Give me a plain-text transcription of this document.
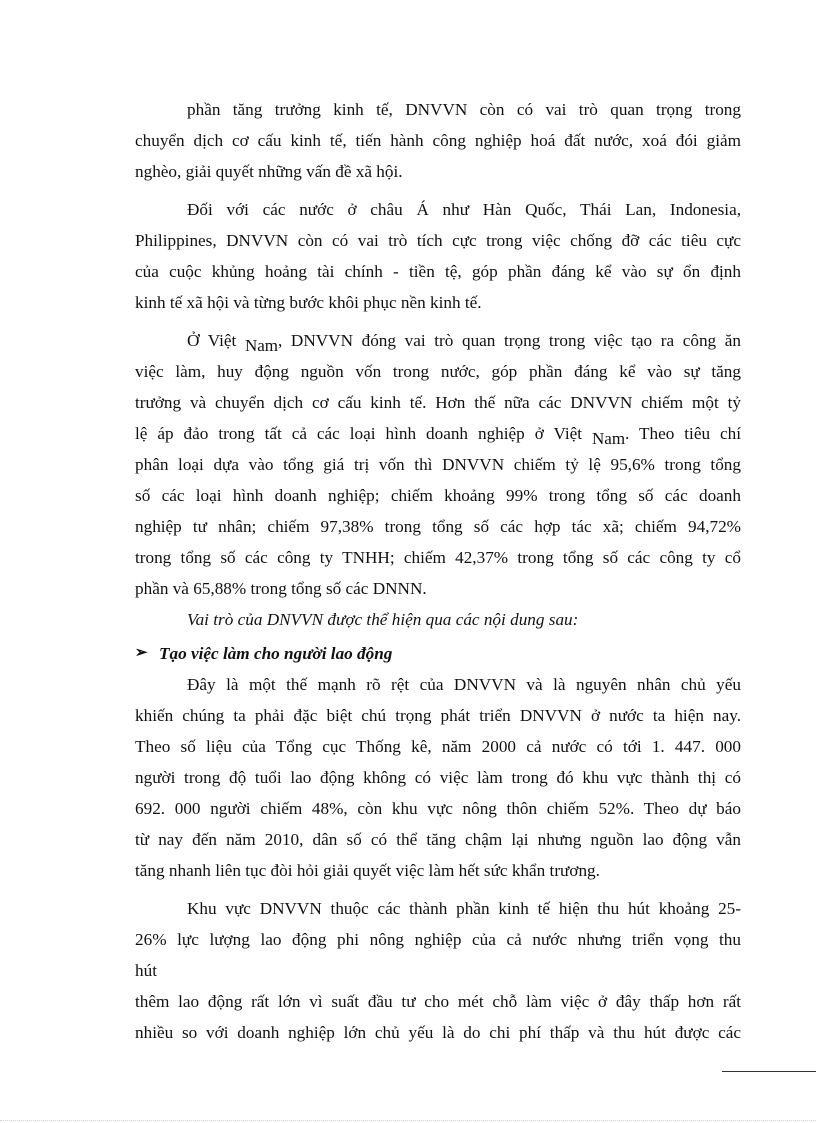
phần tăng trưởng kinh tế, DNVVN còn có vai trò quan trọng trong
chuyển dịch cơ cấu kinh tế, tiến hành công nghiệp hoá đất nước, xoá đói giảm
nghèo, giải quyết những vấn đề xã hội.
Đối với các nước ở châu Á như Hàn Quốc, Thái Lan, Indonesia,
Philippines, DNVVN còn có vai trò tích cực trong việc chống đỡ các tiêu cực
của cuộc khủng hoảng tài chính - tiền tệ, góp phần đáng kể vào sự ổn định
kinh tế xã hội và từng bước khôi phục nền kinh tế.
Ở Việt Nam, DNVVN đóng vai trò quan trọng trong việc tạo ra công ăn
việc làm, huy động nguồn vốn trong nước, góp phần đáng kể vào sự tăng
trưởng và chuyển dịch cơ cấu kinh tế. Hơn thế nữa các DNVVN chiếm một tỷ
lệ áp đảo trong tất cả các loại hình doanh nghiệp ở Việt Nam. Theo tiêu chí
phân loại dựa vào tổng giá trị vốn thì DNVVN chiếm tỷ lệ 95,6% trong tổng
số các loại hình doanh nghiệp; chiếm khoảng 99% trong tổng số các doanh
nghiệp tư nhân; chiếm 97,38% trong tổng số các hợp tác xã; chiếm 94,72%
trong tổng số các công ty TNHH; chiếm 42,37% trong tổng số các công ty cổ
phần và 65,88% trong tổng số các DNNN.
Vai trò của DNVVN được thể hiện qua các nội dung sau:
➢ Tạo việc làm cho người lao động
Đây là một thế mạnh rõ rệt của DNVVN và là nguyên nhân chủ yếu
khiến chúng ta phải đặc biệt chú trọng phát triển DNVVN ở nước ta hiện nay.
Theo số liệu của Tổng cục Thống kê, năm 2000 cả nước có tới 1. 447. 000
người trong độ tuổi lao động không có việc làm trong đó khu vực thành thị có
692. 000 người chiếm 48%, còn khu vực nông thôn chiếm 52%. Theo dự báo
từ nay đến năm 2010, dân số có thể tăng chậm lại nhưng nguồn lao động vẫn
tăng nhanh liên tục đòi hỏi giải quyết việc làm hết sức khẩn trương.
Khu vực DNVVN thuộc các thành phần kinh tế hiện thu hút khoảng 25-
26% lực lượng lao động phi nông nghiệp của cả nước nhưng triển vọng thu
hút
thêm lao động rất lớn vì suất đầu tư cho mét chỗ làm việc ở đây thấp hơn rất
nhiều so với doanh nghiệp lớn chủ yếu là do chi phí thấp và thu hút được các
